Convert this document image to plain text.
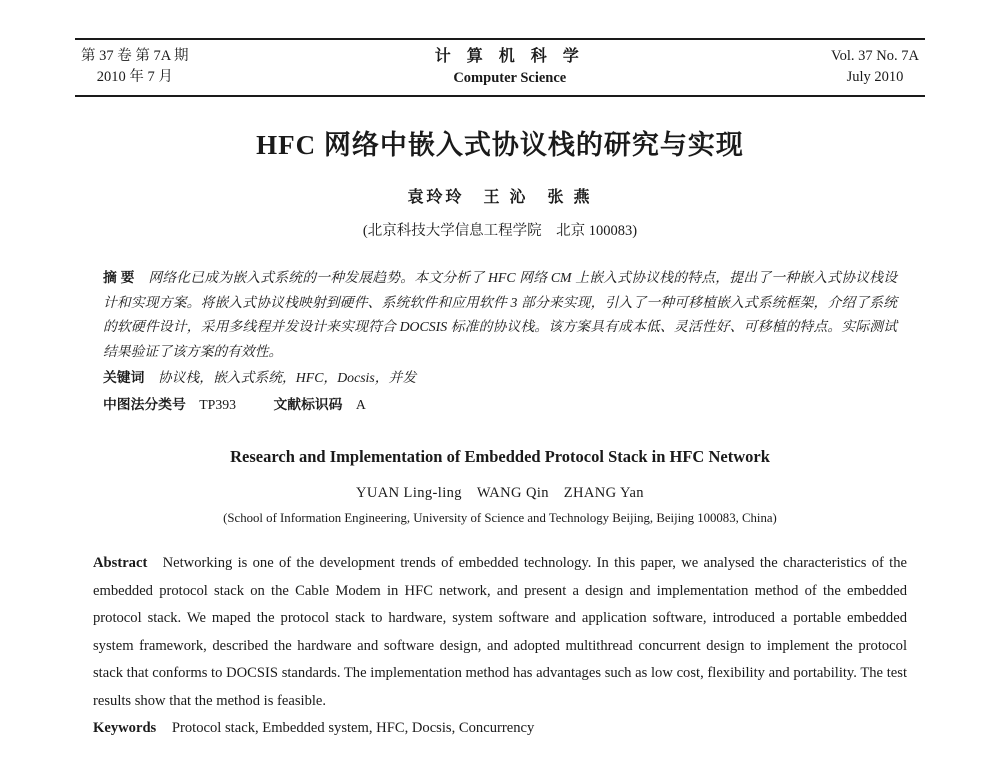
第 37 卷 第 7A 期
2010 年 7 月
计 算 机 科 学
Computer Science
Vol. 37 No. 7A
July 2010
HFC 网络中嵌入式协议栈的研究与实现
袁玲玲　王 沁　张 燕
(北京科技大学信息工程学院　北京 100083)

摘 要 网络化已成为嵌入式系统的一种发展趋势。本文分析了 HFC 网络 CM 上嵌入式协议栈的特点，提出了一种嵌入式协议栈设计和实现方案。将嵌入式协议栈映射到硬件、系统软件和应用软件 3 部分来实现，引入了一种可移植嵌入式系统框架，介绍了系统的软硬件设计，采用多线程并发设计来实现符合 DOCSIS 标准的协议栈。该方案具有成本低、灵活性好、可移植的特点。实际测试结果验证了该方案的有效性。

关键词 协议栈，嵌入式系统，HFC，Docsis，并发

中图法分类号 TP393	文献标识码 A

Research and Implementation of Embedded Protocol Stack in HFC Network
YUAN Ling-ling　WANG Qin　ZHANG Yan
(School of Information Engineering, University of Science and Technology Beijing, Beijing 100083, China)

Abstract Networking is one of the development trends of embedded technology. In this paper, we analysed the characteristics of the embedded protocol stack on the Cable Modem in HFC network, and present a design and implementation method of the embedded protocol stack. We maped the protocol stack to hardware, system software and application software, introduced a portable embedded system framework, described the hardware and software design, and adopted multithread concurrent design to implement the protocol stack that conforms to DOCSIS standards. The implementation method has advantages such as low cost, flexibility and portability. The test results show that the method is feasible.

Keywords Protocol stack, Embedded system, HFC, Docsis, Concurrency
